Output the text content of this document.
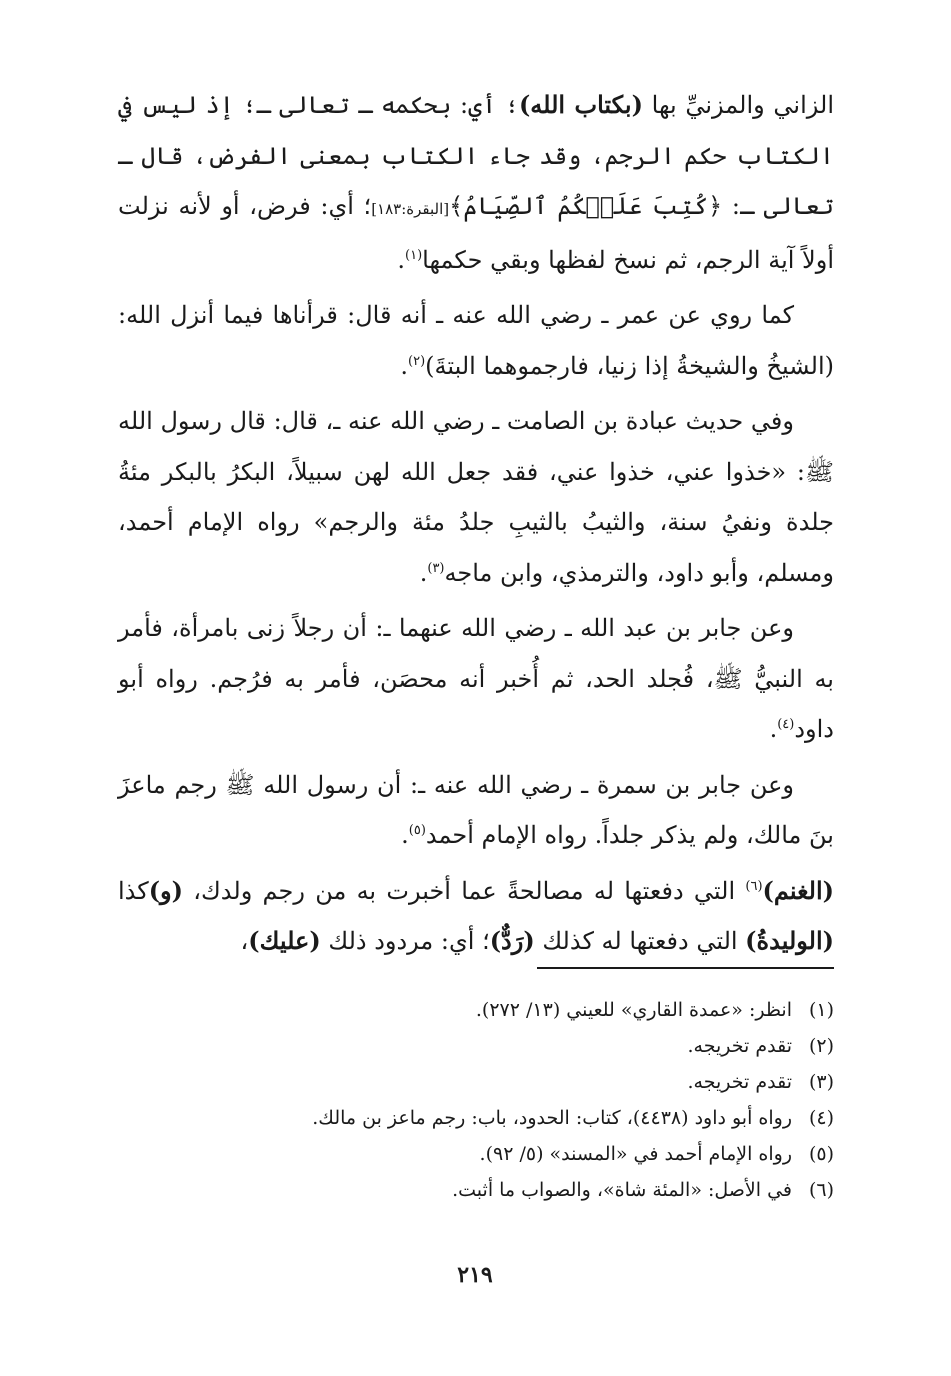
الزاني والمزنيِّ بها (بكتاب الله)؛ أي: بحكمه ـ تعالى ـ؛ إذ ليس في الكتاب حكم الرجم، وقد جاء الكتاب بمعنى الفرض، قال ـ تعالى ـ: ﴿كُتِبَ عَلَيۡكُمُ ٱلصِّيَامُ﴾[البقرة:١٨٣]؛ أي: فرض، أو لأنه نزلت أولاً آية الرجم، ثم نسخ لفظها وبقي حكمها$^{(١)}$.

كما روي عن عمر ـ رضي الله عنه ـ أنه قال: قرأناها فيما أنزل الله: (الشيخُ والشيخةُ إذا زنيا، فارجموهما البتةَ)$^{(٢)}$.

وفي حديث عبادة بن الصامت ـ رضي الله عنه ـ، قال: قال رسول الله ﷺ: «خذوا عني، خذوا عني، فقد جعل الله لهن سبيلاً، البكرُ بالبكر مئةُ جلدة ونفيُ سنة، والثيبُ بالثيبِ جلدُ مئة والرجم» رواه الإمام أحمد، ومسلم، وأبو داود، والترمذي، وابن ماجه$^{(٣)}$.

وعن جابر بن عبد الله ـ رضي الله عنهما ـ: أن رجلاً زنى بامرأة، فأمر به النبيُّ ﷺ، فُجلد الحد، ثم أُخبر أنه محصَن، فأمر به فرُجم. رواه أبو داود$^{(٤)}$.

وعن جابر بن سمرة ـ رضي الله عنه ـ: أن رسول الله ﷺ رجم ماعزَ بنَ مالك، ولم يذكر جلداً. رواه الإمام أحمد$^{(٥)}$.

(الغنم)$^{(٦)}$ التي دفعتها له مصالحةً عما أخبرت به من رجم ولدك، (و)كذا (الوليدةُ) التي دفعتها له كذلك (رَدٌّ)؛ أي: مردود ذلك (عليك)،

(١)انظر: «عمدة القاري» للعيني (١٣/ ٢٧٢).
(٢)تقدم تخريجه.
(٣)تقدم تخريجه.
(٤)رواه أبو داود (٤٤٣٨)، كتاب: الحدود، باب: رجم ماعز بن مالك.
(٥)رواه الإمام أحمد في «المسند» (٥/ ٩٢).
(٦)في الأصل: «المئة شاة»، والصواب ما أثبت.
٢١٩
